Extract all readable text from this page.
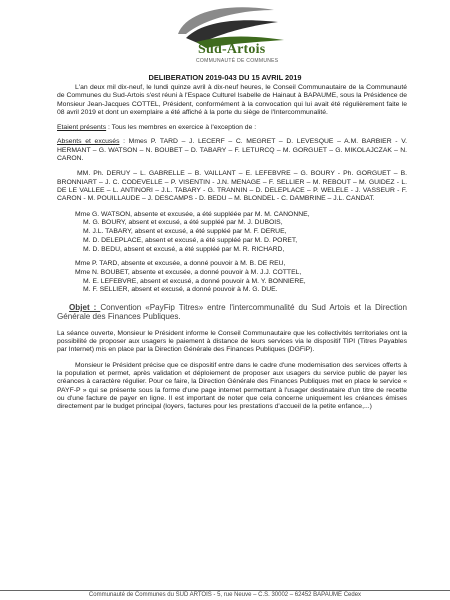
Sud-Artois
COMMUNAUTÉ DE COMMUNES
DELIBERATION 2019-043 DU 15 AVRIL 2019

L'an deux mil dix-neuf, le lundi quinze avril à dix-neuf heures, le Conseil Communautaire de la Communauté de Communes du Sud-Artois s'est réuni à l'Espace Culturel Isabelle de Hainaut à BAPAUME, sous la Présidence de Monsieur Jean-Jacques COTTEL, Président, conformément à la convocation qui lui avait été régulièrement faite le 08 avril 2019 et dont un exemplaire a été affiché à la porte du siège de l'Intercommunalité.

Etaient présents : Tous les membres en exercice à l'exception de :

Absents et excusés : Mmes P. TARD – J. LECERF – C. MEGRET – D. LEVESQUE – A.M. BARBIER - V. HERMANT – G. WATSON – N. BOUBET – D. TABARY – F. LETURCQ – M. GORGUET – G. MIKOLAJCZAK – N. CARON.

MM. Ph. DERUY – L. GABRELLE – B. VAILLANT – E. LEFEBVRE – G. BOURY - Ph. GORGUET – B. BRONNIART – J. C. CODEVELLE – P. VISENTIN - J.N. MENAGE – F. SELLIER – M. REBOUT – M. GUIDEZ - L. DE LE VALLEE – L. ANTINORI – J.L. TABARY - G. TRANNIN – D. DELEPLACE – P. WELELE - J. VASSEUR - F. CARON - M. POUILLAUDE – J. DESCAMPS - D. BEDU – M. BLONDEL - C. DAMBRINE – J.L. CANDAT.

Mme G. WATSON, absente et excusée, a été suppléée par M. M. CANONNE,

M. G. BOURY, absent et excusé, a été suppléé par M. J. DUBOIS,

M. J.L. TABARY, absent et excusé, a été suppléé par M. F. DERUE,

M. D. DELEPLACE, absent et excusé, a été suppléé par M. D. PORET,

M. D. BEDU, absent et excusé, a été suppléé par M. R. RICHARD,

Mme P. TARD, absente et excusée, a donné pouvoir à M. B. DE REU,

Mme N. BOUBET, absente et excusée, a donné pouvoir à M. J.J. COTTEL,

M. E. LEFEBVRE, absent et excusé, a donné pouvoir à M. Y. BONNIERE,

M. F. SELLIER, absent et excusé, a donné pouvoir à M. G. DUE.

Objet : Convention «PayFip Titres» entre l'intercommunalité du Sud Artois et la Direction Générale des Finances Publiques.

La séance ouverte, Monsieur le Président informe le Conseil Communautaire que les collectivités territoriales ont la possibilité de proposer aux usagers le paiement à distance de leurs services via le dispositif TIPI (Titres Payables par Internet) mis en place par la Direction Générale des Finances Publiques (DGFiP).

Monsieur le Président précise que ce dispositif entre dans le cadre d'une modernisation des services offerts à la population et permet, après validation et déploiement de proposer aux usagers du service public de payer les créances à caractère régulier. Pour ce faire, la Direction Générale des Finances Publiques met en place le service « PAYF-P » qui se présente sous la forme d'une page internet permettant à l'usager destinataire d'un titre de recette ou d'une facture de payer en ligne. Il est important de noter que cela concerne uniquement les créances émises directement par le budget principal (loyers, factures pour les prestations d'accueil de la petite enfance,...)

Communauté de Communes du SUD ARTOIS - 5, rue Neuve – C.S. 30002 – 62452 BAPAUME Cedex
